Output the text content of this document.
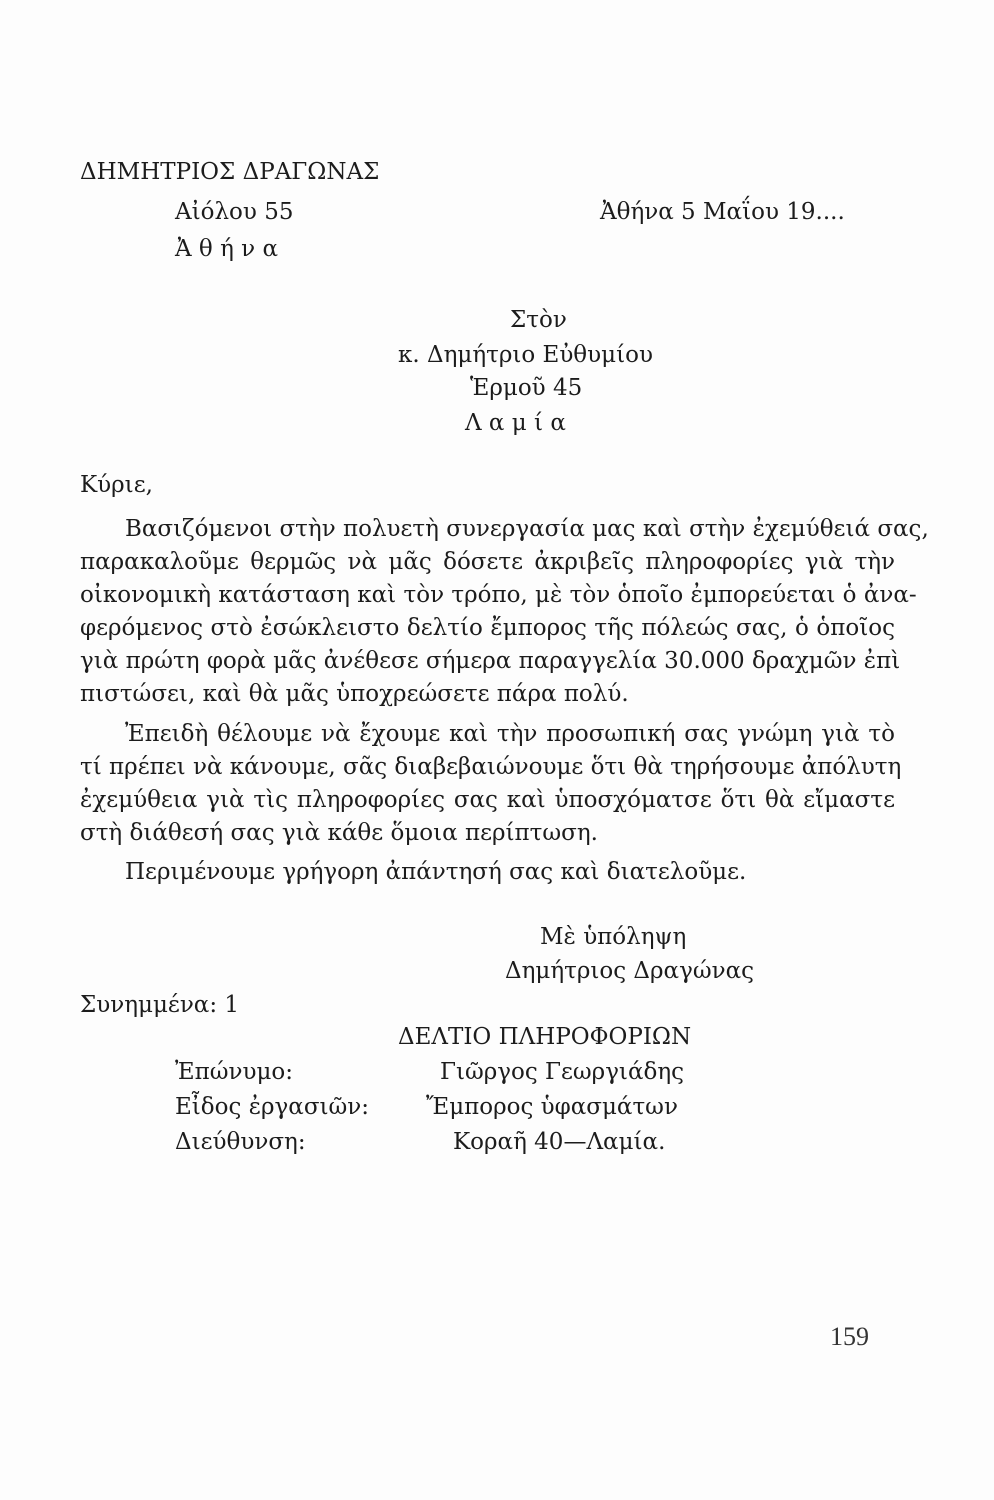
ΔΗΜΗΤΡΙΟΣ ΔΡΑΓΩΝΑΣ
Αἰόλου 55
Ἀ θ ή ν α
Ἀθήνα 5 Μαΐου 19....
Στὸν
κ. Δημήτριο Εὐθυμίου
Ἑρμοῦ 45
Λ α μ ί α
Κύριε,
Βασιζόμενοι στὴν πολυετὴ συνεργασία μας καὶ στὴν ἐχεμύθειά σας,
παρακαλοῦμε θερμῶς νὰ μᾶς δόσετε ἀκριβεῖς πληροφορίες γιὰ τὴν
οἰκονομικὴ κατάσταση καὶ τὸν τρόπο, μὲ τὸν ὁποῖο ἐμπορεύεται ὁ ἀνα-
φερόμενος στὸ ἐσώκλειστο δελτίο ἔμπορος τῆς πόλεώς σας, ὁ ὁποῖος
γιὰ πρώτη φορὰ μᾶς ἀνέθεσε σήμερα παραγγελία 30.000 δραχμῶν ἐπὶ
πιστώσει, καὶ θὰ μᾶς ὑποχρεώσετε πάρα πολύ.
Ἐπειδὴ θέλουμε νὰ ἔχουμε καὶ τὴν προσωπική σας γνώμη γιὰ τὸ
τί πρέπει νὰ κάνουμε, σᾶς διαβεβαιώνουμε ὅτι θὰ τηρήσουμε ἀπόλυτη
ἐχεμύθεια γιὰ τὶς πληροφορίες σας καὶ ὑποσχόματσε ὅτι θὰ εἴμαστε
στὴ διάθεσή σας γιὰ κάθε ὅμοια περίπτωση.
Περιμένουμε γρήγορη ἀπάντησή σας καὶ διατελοῦμε.
Μὲ ὑπόληψη
Δημήτριος Δραγώνας
Συνημμένα: 1
ΔΕΛΤΙΟ ΠΛΗΡΟΦΟΡΙΩΝ
Ἐπώνυμο:	Γιῶργος Γεωργιάδης
Εἶδος ἐργασιῶν: Ἔμπορος ὑφασμάτων
Διεύθυνση:	Κοραῆ 40—Λαμία.
159
